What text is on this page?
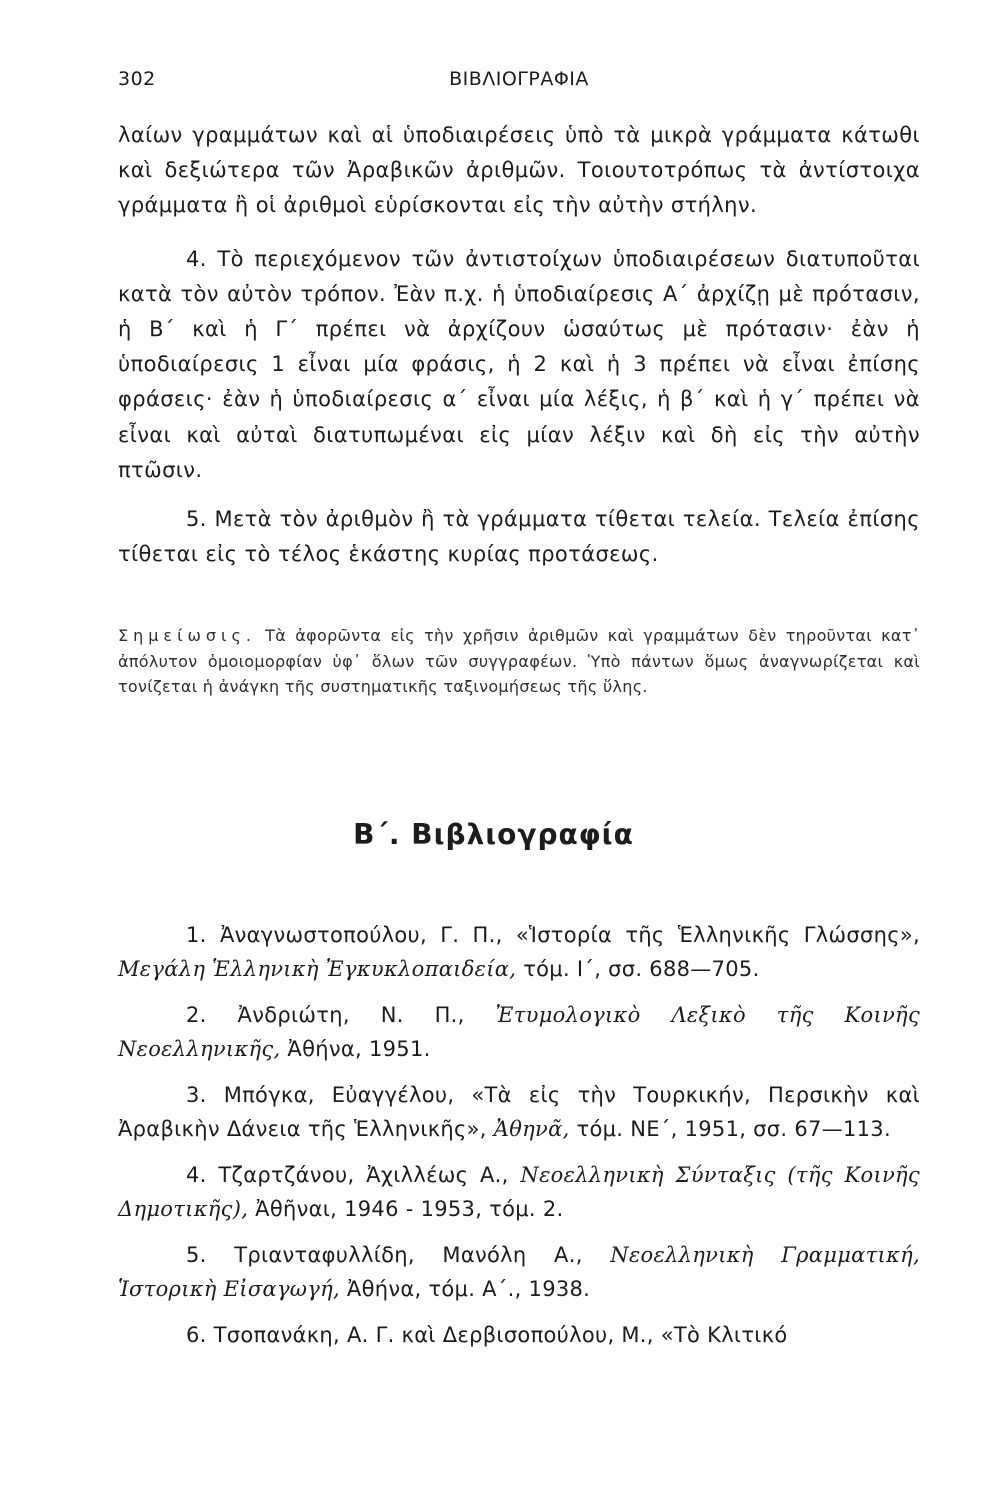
302	ΒΙΒΛΙΟΓΡΑΦΙΑ

λαίων γραμμάτων καὶ αἱ ὑποδιαιρέσεις ὑπὸ τὰ μικρὰ γράμματα κάτωθι καὶ δεξιώτερα τῶν Ἀραβικῶν ἀριθμῶν. Τοιουτοτρόπως τὰ ἀντίστοιχα γράμματα ἢ οἱ ἀριθμοὶ εὑρίσκονται εἰς τὴν αὐτὴν στήλην.

4. Τὸ περιεχόμενον τῶν ἀντιστοίχων ὑποδιαιρέσεων διατυποῦται κατὰ τὸν αὐτὸν τρόπον. Ἐὰν π.χ. ἡ ὑποδιαίρεσις Α΄ ἀρχίζῃ μὲ πρότασιν, ἡ Β΄ καὶ ἡ Γ΄ πρέπει νὰ ἀρχίζουν ὡσαύτως μὲ πρότασιν· ἐὰν ἡ ὑποδιαίρεσις 1 εἶναι μία φράσις, ἡ 2 καὶ ἡ 3 πρέπει νὰ εἶναι ἐπίσης φράσεις· ἐὰν ἡ ὑποδιαίρεσις α΄ εἶναι μία λέξις, ἡ β΄ καὶ ἡ γ΄ πρέπει νὰ εἶναι καὶ αὐταὶ διατυπωμέναι εἰς μίαν λέξιν καὶ δὴ εἰς τὴν αὐτὴν πτῶσιν.

5. Μετὰ τὸν ἀριθμὸν ἢ τὰ γράμματα τίθεται τελεία. Τελεία ἐπίσης τίθεται εἰς τὸ τέλος ἑκάστης κυρίας προτάσεως.

Σημείωσις. Τὰ ἀφορῶντα εἰς τὴν χρῆσιν ἀριθμῶν καὶ γραμμάτων δὲν τηροῦνται κατ᾽ ἀπόλυτον ὁμοιομορφίαν ὑφ᾽ ὅλων τῶν συγγραφέων. Ὑπὸ πάντων ὅμως ἀναγνωρίζεται καὶ τονίζεται ἡ ἀνάγκη τῆς συστηματικῆς ταξινομήσεως τῆς ὕλης.
Β΄. Βιβλιογραφία

1. Ἀναγνωστοπούλου, Γ. Π., «Ἱστορία τῆς Ἑλληνικῆς Γλώσσης», Μεγάλη Ἑλληνικὴ Ἐγκυκλοπαιδεία, τόμ. Ι΄, σσ. 688—705.

2. Ἀνδριώτη, Ν. Π., Ἐτυμολογικὸ Λεξικὸ τῆς Κοινῆς Νεοελληνικῆς, Ἀθήνα, 1951.

3. Μπόγκα, Εὐαγγέλου, «Τὰ εἰς τὴν Τουρκικήν, Περσικὴν καὶ Ἀραβικὴν Δάνεια τῆς Ἑλληνικῆς», Ἀθηνᾶ, τόμ. ΝΕ΄, 1951, σσ. 67—113.

4. Τζαρτζάνου, Ἀχιλλέως Α., Νεοελληνικὴ Σύνταξις (τῆς Κοινῆς Δημοτικῆς), Ἀθῆναι, 1946 - 1953, τόμ. 2.

5. Τριανταφυλλίδη, Μανόλη Α., Νεοελληνικὴ Γραμματική, Ἱστορικὴ Εἰσαγωγή, Ἀθήνα, τόμ. Α΄., 1938.

6. Τσοπανάκη, Α. Γ. καὶ Δερβισοπούλου, Μ., «Τὸ Κλιτικό
